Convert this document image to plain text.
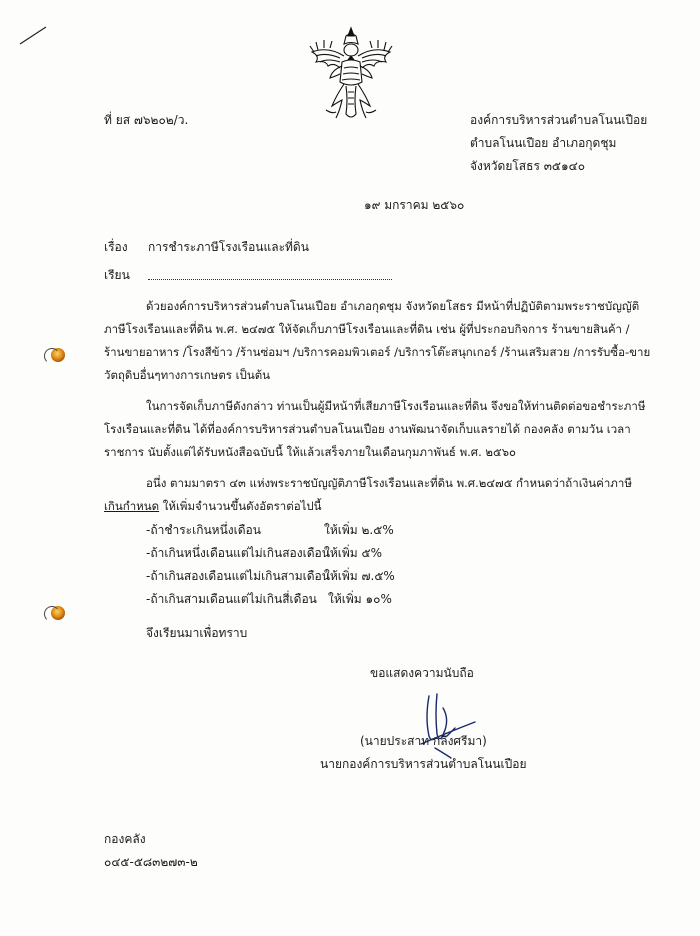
ที่ ยส ๗๖๒๐๒/ว.	องค์การบริหารส่วนตำบลโนนเปือย
ตำบลโนนเปือย อำเภอกุดชุม
จังหวัดยโสธร ๓๕๑๔๐
๑๙ มกราคม ๒๕๖๐
เรื่อง การชำระภาษีโรงเรือนและที่ดิน
เรียน
ด้วยองค์การบริหารส่วนตำบลโนนเปือย อำเภอกุดชุม จังหวัดยโสธร มีหน้าที่ปฏิบัติตามพระราชบัญญัติ
ภาษีโรงเรือนและที่ดิน พ.ศ. ๒๔๗๕ ให้จัดเก็บภาษีโรงเรือนและที่ดิน เช่น ผู้ที่ประกอบกิจการ ร้านขายสินค้า /
ร้านขายอาหาร /โรงสีข้าว /ร้านซ่อมฯ /บริการคอมพิวเตอร์ /บริการโต๊ะสนุกเกอร์ /ร้านเสริมสวย /การรับซื้อ-ขาย
วัตถุดิบอื่นๆทางการเกษตร เป็นต้น
ในการจัดเก็บภาษีดังกล่าว ท่านเป็นผู้มีหน้าที่เสียภาษีโรงเรือนและที่ดิน จึงขอให้ท่านติดต่อขอชำระภาษี
โรงเรือนและที่ดิน ได้ที่องค์การบริหารส่วนตำบลโนนเปือย งานพัฒนาจัดเก็บแลรายได้ กองคลัง ตามวัน เวลา
ราชการ นับตั้งแต่ได้รับหนังสือฉบับนี้ ให้แล้วเสร็จภายในเดือนกุมภาพันธ์ พ.ศ. ๒๕๖๐
อนึ่ง ตามมาตรา ๔๓ แห่งพระราชบัญญัติภาษีโรงเรือนและที่ดิน พ.ศ.๒๔๗๕ กำหนดว่าถ้าเงินค่าภาษี
เกินกำหนด ให้เพิ่มจำนวนขึ้นดังอัตราต่อไปนี้
-ถ้าชำระเกินหนึ่งเดือน	ให้เพิ่ม ๒.๕%
-ถ้าเกินหนึ่งเดือนแต่ไม่เกินสองเดือน
ให้เพิ่ม ๕%
-ถ้าเกินสองเดือนแต่ไม่เกินสามเดือน
ให้เพิ่ม ๗.๕%
-ถ้าเกินสามเดือนแต่ไม่เกินสี่เดือน ให้เพิ่ม ๑๐%
จึงเรียนมาเพื่อทราบ
ขอแสดงความนับถือ
(นายประสาท กลิ่งศรีมา)
นายกองค์การบริหารส่วนตำบลโนนเปือย
กองคลัง
๐๔๕-๕๘๓๒๗๓-๒
